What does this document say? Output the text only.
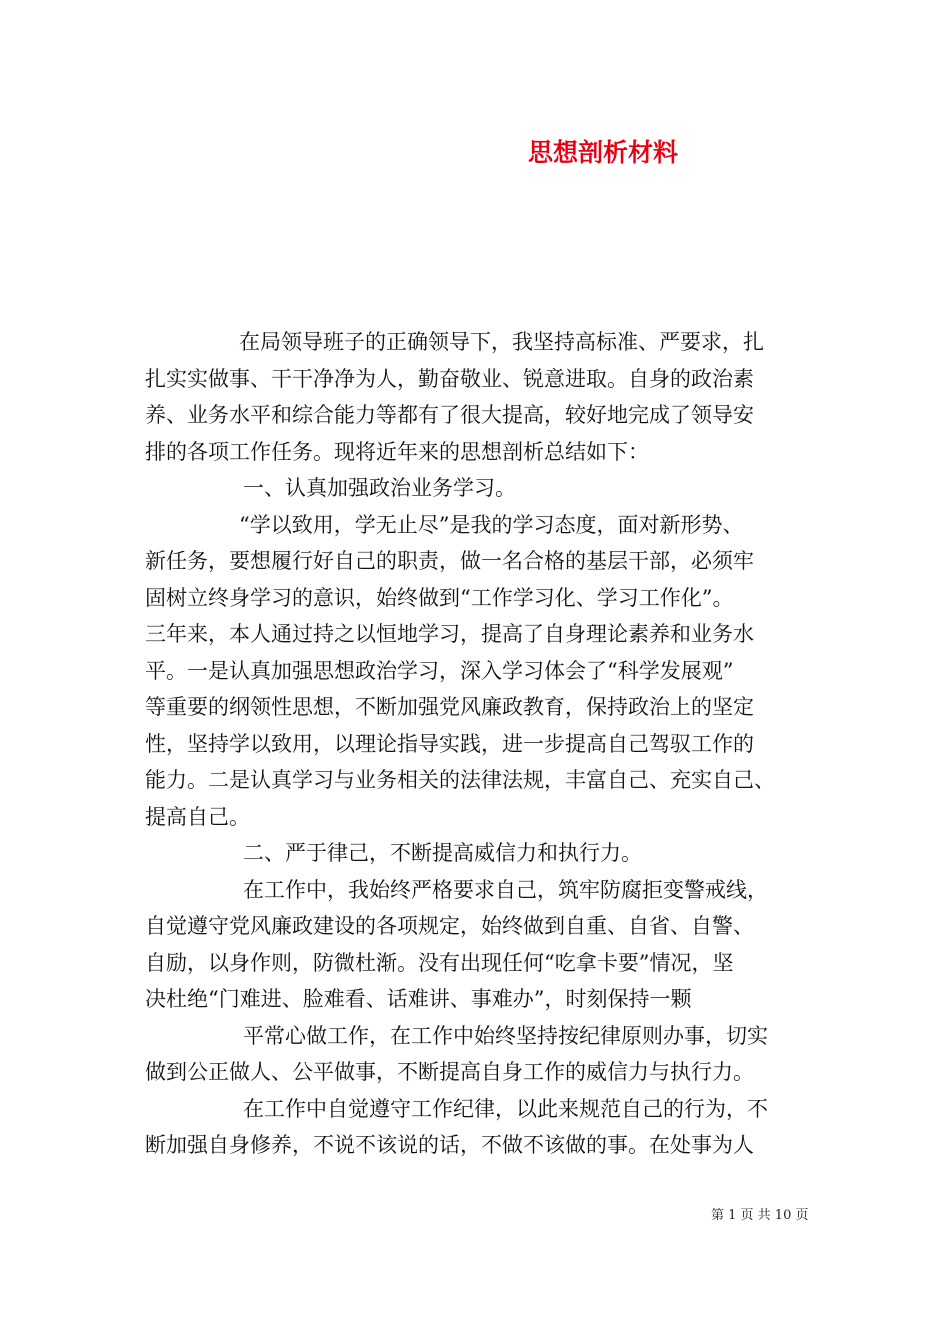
思想剖析材料
在局领导班子的正确领导下，我坚持高标准、严要求，扎
扎实实做事、干干净净为人，勤奋敬业、锐意进取。自身的政治素
养、业务水平和综合能力等都有了很大提高，较好地完成了领导安
排的各项工作任务。现将近年来的思想剖析总结如下：
一、认真加强政治业务学习。
“学以致用，学无止尽”是我的学习态度，面对新形势、
新任务，要想履行好自己的职责，做一名合格的基层干部，必须牢
固树立终身学习的意识，始终做到“工作学习化、学习工作化”。
三年来，本人通过持之以恒地学习，提高了自身理论素养和业务水
平。一是认真加强思想政治学习，深入学习体会了“科学发展观”
等重要的纲领性思想，不断加强党风廉政教育，保持政治上的坚定
性，坚持学以致用，以理论指导实践，进一步提高自己驾驭工作的
能力。二是认真学习与业务相关的法律法规，丰富自己、充实自己、
提高自己。
二、严于律己，不断提高威信力和执行力。
在工作中，我始终严格要求自己，筑牢防腐拒变警戒线，
自觉遵守党风廉政建设的各项规定，始终做到自重、自省、自警、
自励，以身作则，防微杜渐。没有出现任何“吃拿卡要”情况，坚
决杜绝“门难进、脸难看、话难讲、事难办”，时刻保持一颗
平常心做工作，在工作中始终坚持按纪律原则办事，切实
做到公正做人、公平做事，不断提高自身工作的威信力与执行力。
在工作中自觉遵守工作纪律，以此来规范自己的行为，不
断加强自身修养，不说不该说的话，不做不该做的事。在处事为人
第 1 页 共 10 页
